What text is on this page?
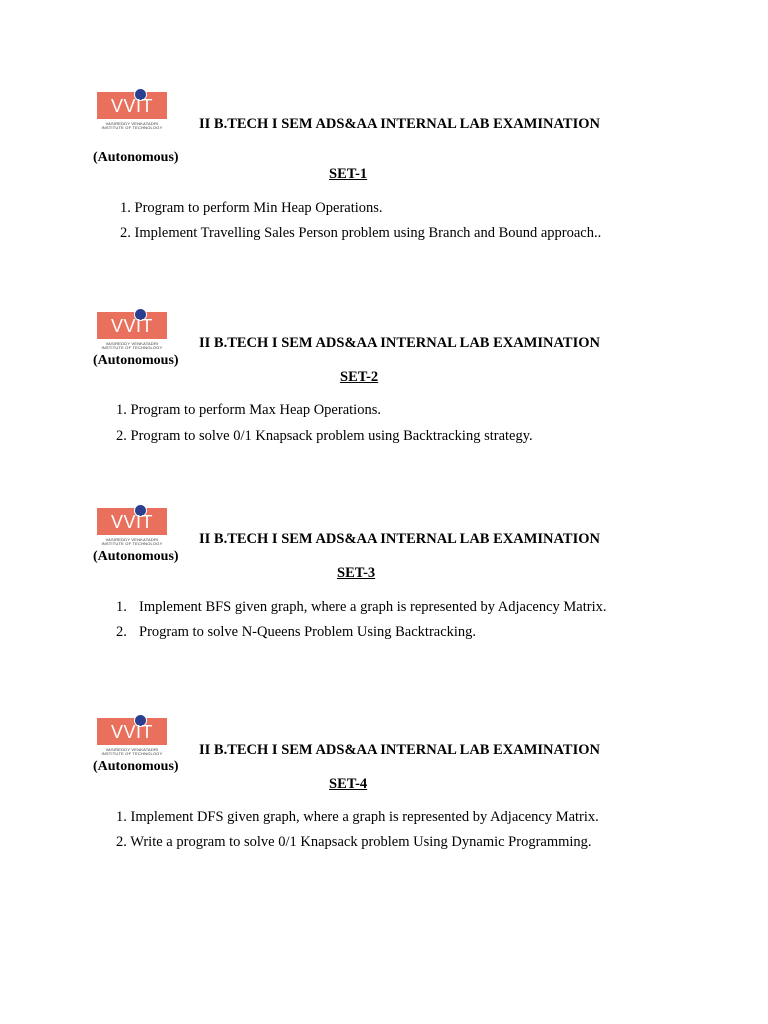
VVIT
VASIREDDY VENKATADRI
INSTITUTE OF TECHNOLOGY	II B.TECH I SEM ADS&AA INTERNAL LAB EXAMINATION
(Autonomous)
SET-1
1. Program to perform Min Heap Operations.
2. Implement Travelling Sales Person problem using Branch and Bound approach..
VVIT
VASIREDDY VENKATADRI
INSTITUTE OF TECHNOLOGY	II B.TECH I SEM ADS&AA INTERNAL LAB EXAMINATION
(Autonomous)
SET-2
1. Program to perform Max Heap Operations.
2. Program to solve 0/1 Knapsack problem using Backtracking strategy.
VVIT
VASIREDDY VENKATADRI
INSTITUTE OF TECHNOLOGY	II B.TECH I SEM ADS&AA INTERNAL LAB EXAMINATION
(Autonomous)
SET-3
1. Implement BFS given graph, where a graph is represented by Adjacency Matrix.
2. Program to solve N-Queens Problem Using Backtracking.
VVIT
VASIREDDY VENKATADRI
INSTITUTE OF TECHNOLOGY	II B.TECH I SEM ADS&AA INTERNAL LAB EXAMINATION
(Autonomous)
SET-4
1. Implement DFS given graph, where a graph is represented by Adjacency Matrix.
2. Write a program to solve 0/1 Knapsack problem Using Dynamic Programming.
